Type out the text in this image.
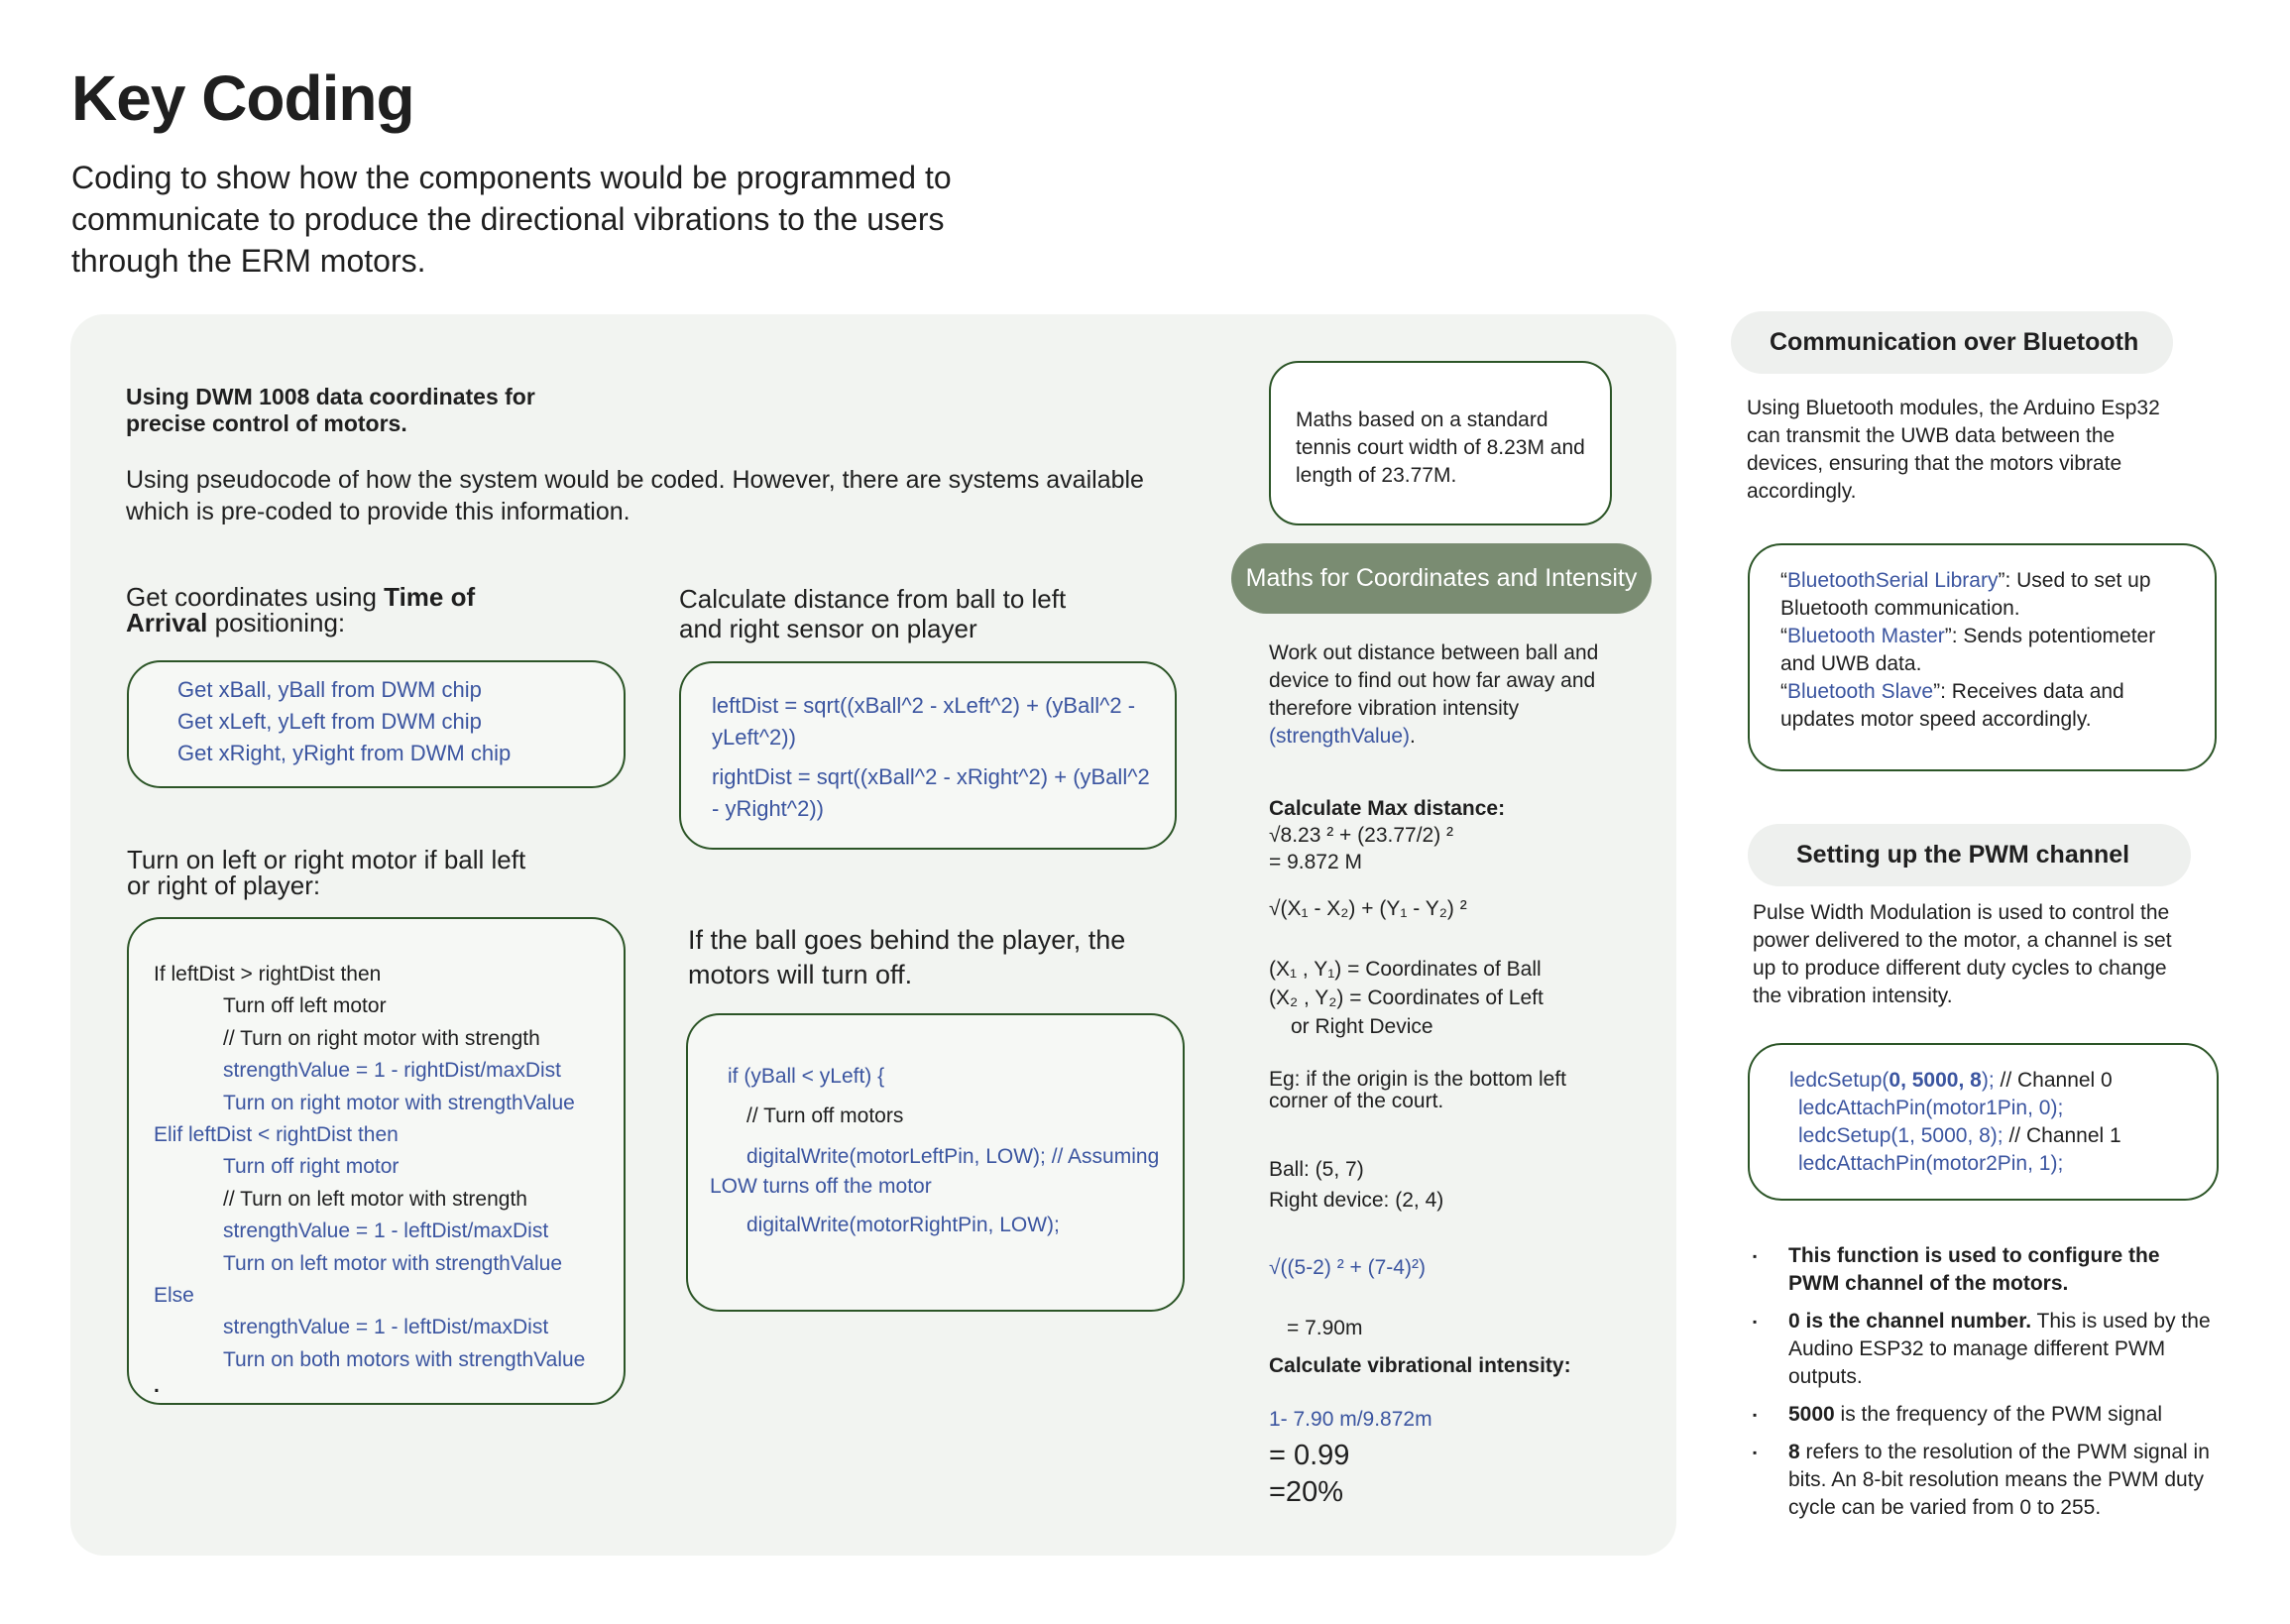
Key Coding

Coding to show how the components would be programmed to communicate to produce the directional vibrations to the users through the ERM motors.

Using DWM 1008 data coordinates for precise control of motors.

Using pseudocode of how the system would be coded. However, there are systems available which is pre-coded to provide this information.

Get coordinates using Time of Arrival positioning:
Get xBall, yBall from DWM chip
Get xLeft, yLeft from DWM chip
Get xRight, yRight from DWM chip
Calculate distance from ball to left and right sensor on player
leftDist = sqrt((xBall^2 - xLeft^2) + (yBall^2 - yLeft^2))
rightDist = sqrt((xBall^2 - xRight^2) + (yBall^2 - yRight^2))
Turn on left or right motor if ball left or right of player:
If leftDist > rightDist then
Turn off left motor
// Turn on right motor with strength
strengthValue = 1 - rightDist/maxDist
Turn on right motor with strengthValue
Elif leftDist < rightDist then
Turn off right motor
// Turn on left motor with strength
strengthValue = 1 - leftDist/maxDist
Turn on left motor with strengthValue
Else
strengthValue = 1 - leftDist/maxDist
Turn on both motors with strengthValue
.
If the ball goes behind the player, the motors will turn off.
if (yBall < yLeft) {
// Turn off motors
digitalWrite(motorLeftPin, LOW); // Assuming
LOW turns off the motor
digitalWrite(motorRightPin, LOW);
Maths based on a standard tennis court width of 8.23M and length of 23.77M.
Maths for Coordinates and Intensity
Work out distance between ball and device to find out how far away and therefore vibration intensity (strengthValue).
Calculate Max distance:
√8.23 ² + (23.77/2) ²
= 9.872 M
√(X₁ - X₂) + (Y₁ - Y₂) ²
(X₁ , Y₁) = Coordinates of Ball
(X₂ , Y₂) = Coordinates of Left
or Right Device
Eg: if the origin is the bottom left corner of the court.
Ball: (5, 7)
Right device: (2, 4)
√((5-2) ² + (7-4)²)
= 7.90m
Calculate vibrational intensity:
1- 7.90 m/9.872m
= 0.99
=20%
Communication over Bluetooth

Using Bluetooth modules, the Arduino Esp32 can transmit the UWB data between the devices, ensuring that the motors vibrate accordingly.

“BluetoothSerial Library”: Used to set up Bluetooth communication.
“Bluetooth Master”: Sends potentiometer and UWB data.
“Bluetooth Slave”: Receives data and updates motor speed accordingly.
Setting up the PWM channel

Pulse Width Modulation is used to control the power delivered to the motor, a channel is set up to produce different duty cycles to change the vibration intensity.

ledcSetup(0, 5000, 8); // Channel 0
ledcAttachPin(motor1Pin, 0);
ledcSetup(1, 5000, 8); // Channel 1
ledcAttachPin(motor2Pin, 1);
▪ This function is used to configure the PWM channel of the motors.
▪ 0 is the channel number. This is used by the Audino ESP32 to manage different PWM outputs.
▪ 5000 is the frequency of the PWM signal
▪ 8 refers to the resolution of the PWM signal in bits. An 8-bit resolution means the PWM duty cycle can be varied from 0 to 255.
